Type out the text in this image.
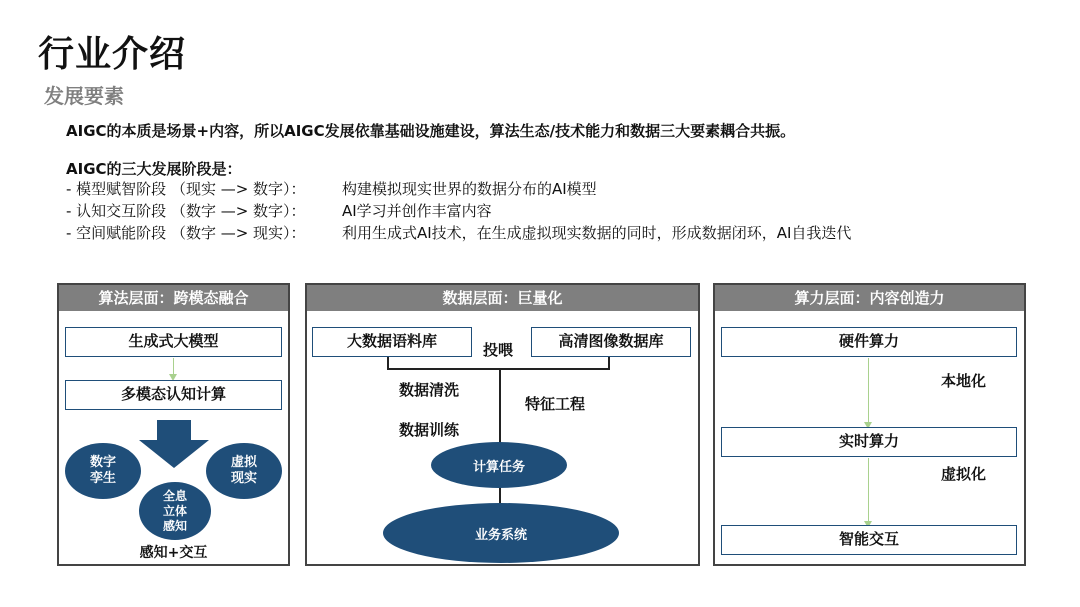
行业介绍
发展要素
AIGC的本质是场景+内容，所以AIGC发展依靠基础设施建设，算法生态/技术能力和数据三大要素耦合共振。
AIGC的三大发展阶段是：
- 模型赋智阶段 （现实 —> 数字）： 构建模拟现实世界的数据分布的AI模型
- 认知交互阶段 （数字 —> 数字）： AI学习并创作丰富内容
- 空间赋能阶段 （数字 —> 现实）： 利用生成式AI技术，在生成虚拟现实数据的同时，形成数据闭环，AI自我迭代
算法层面：跨模态融合
生成式大模型
多模态认知计算
数字
孪生
虚拟
现实
全息
立体
感知
感知+交互
数据层面：巨量化
大数据语料库	高清图像数据库
投喂
数据清洗
特征工程
数据训练
计算任务
业务系统
算力层面：内容创造力
硬件算力
本地化
实时算力
虚拟化
智能交互
